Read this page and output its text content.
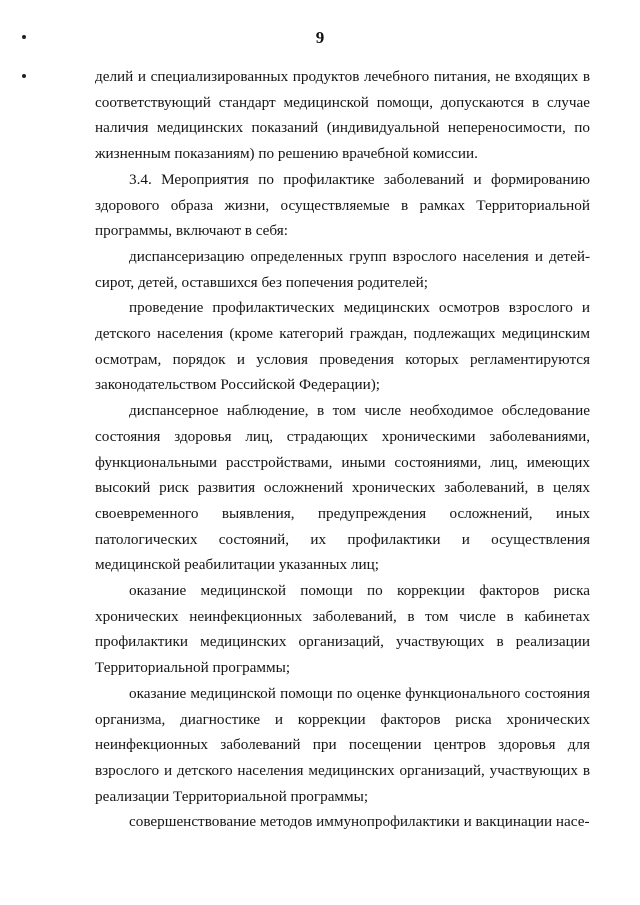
9

делий и специализированных продуктов лечебного питания, не входящих в соответствующий стандарт медицинской помощи, допускаются в случае наличия медицинских показаний (индивидуальной непереносимости, по жизненным показаниям) по решению врачебной комиссии.

3.4. Мероприятия по профилактике заболеваний и формированию здорового образа жизни, осуществляемые в рамках Территориальной программы, включают в себя:

диспансеризацию определенных групп взрослого населения и детей-сирот, детей, оставшихся без попечения родителей;

проведение профилактических медицинских осмотров взрослого и детского населения (кроме категорий граждан, подлежащих медицинским осмотрам, порядок и условия проведения которых регламентируются законодательством Российской Федерации);

диспансерное наблюдение, в том числе необходимое обследование состояния здоровья лиц, страдающих хроническими заболеваниями, функциональными расстройствами, иными состояниями, лиц, имеющих высокий риск развития осложнений хронических заболеваний, в целях своевременного выявления, предупреждения осложнений, иных патологических состояний, их профилактики и осуществления медицинской реабилитации указанных лиц;

оказание медицинской помощи по коррекции факторов риска хронических неинфекционных заболеваний, в том числе в кабинетах профилактики медицинских организаций, участвующих в реализации Территориальной программы;

оказание медицинской помощи по оценке функционального состояния организма, диагностике и коррекции факторов риска хронических неинфекционных заболеваний при посещении центров здоровья для взрослого и детского населения медицинских организаций, участвующих в реализации Территориальной программы;

совершенствование методов иммунопрофилактики и вакцинации насе-
